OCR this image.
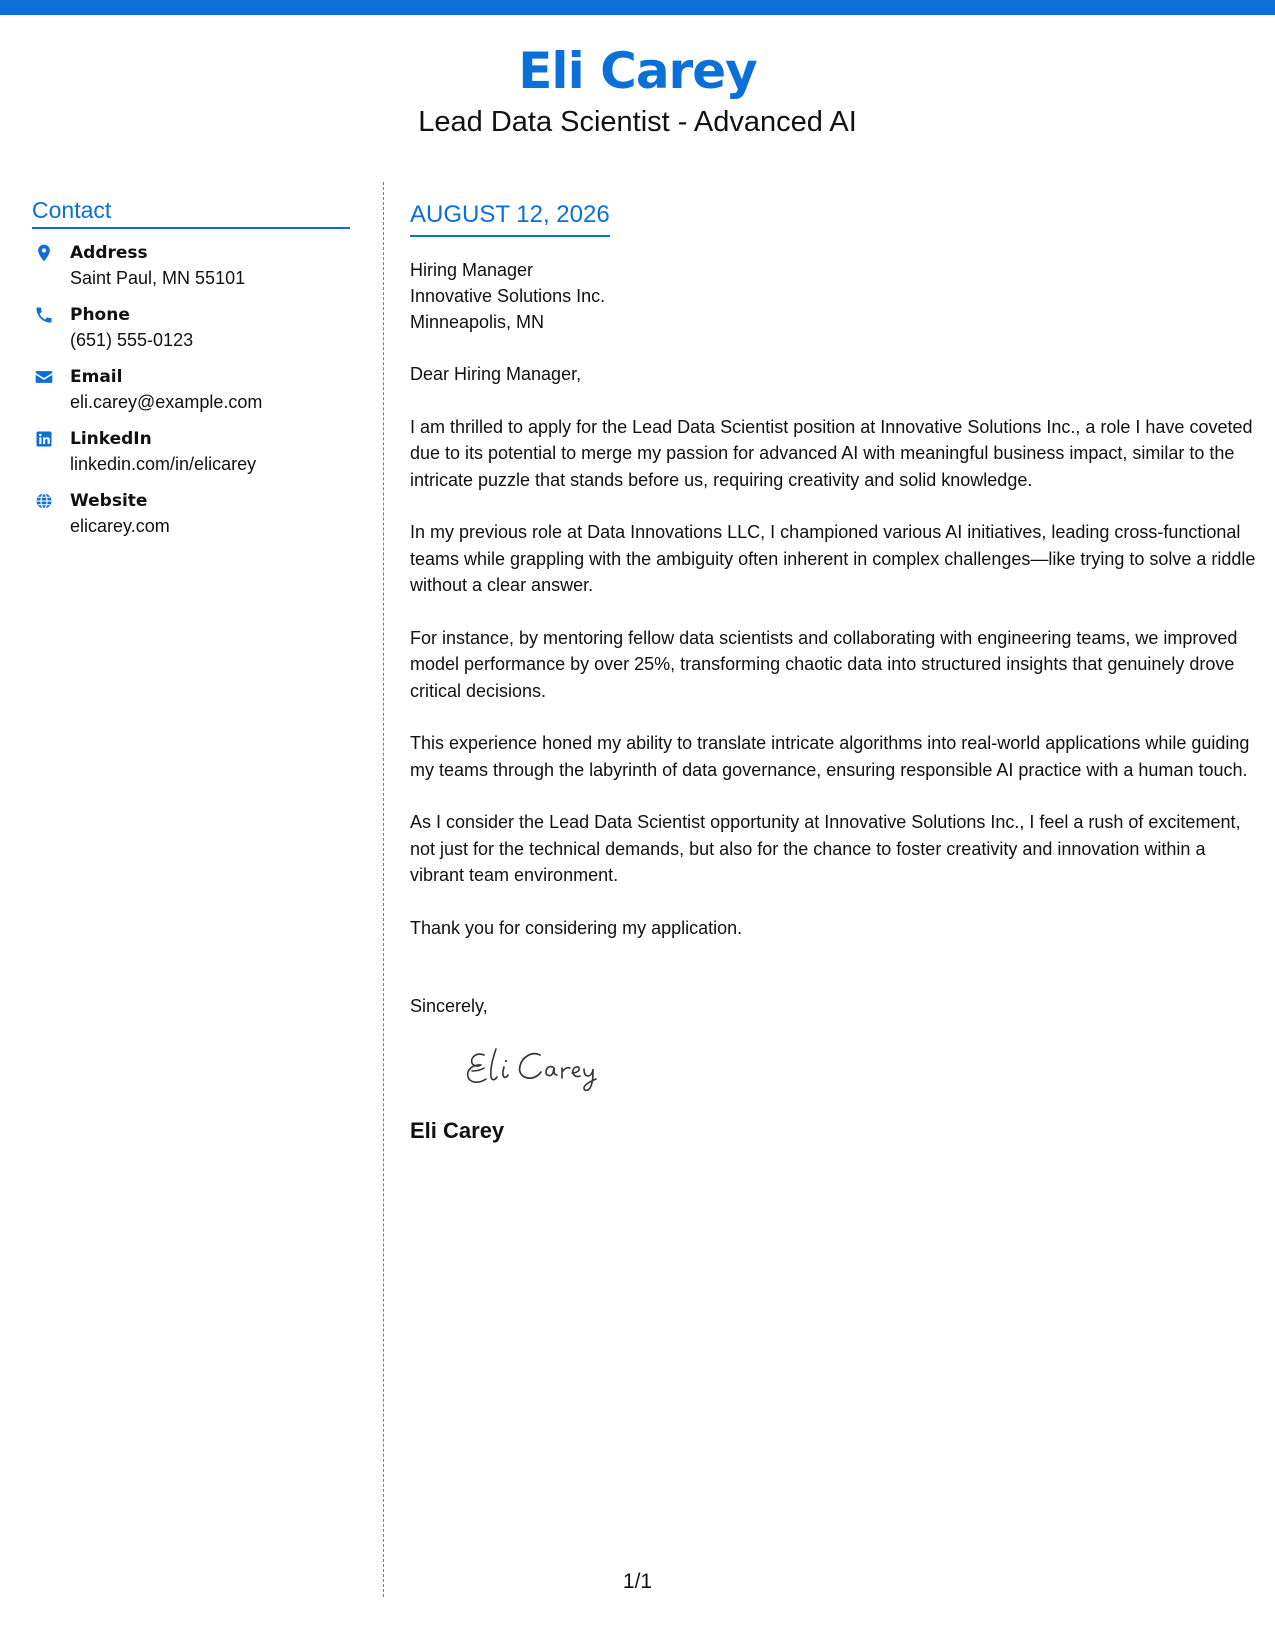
Eli Carey
Lead Data Scientist - Advanced AI
Contact
Address
Saint Paul, MN 55101
Phone
(651) 555-0123
Email
eli.carey@example.com
LinkedIn
linkedin.com/in/elicarey
Website
elicarey.com
AUGUST 12, 2026
Hiring Manager
Innovative Solutions Inc.
Minneapolis, MN

Dear Hiring Manager,

I am thrilled to apply for the Lead Data Scientist position at Innovative Solutions Inc., a role I have coveted due to its potential to merge my passion for advanced AI with meaningful business impact, similar to the intricate puzzle that stands before us, requiring creativity and solid knowledge.

In my previous role at Data Innovations LLC, I championed various AI initiatives, leading cross-functional teams while grappling with the ambiguity often inherent in complex challenges—like trying to solve a riddle without a clear answer.

For instance, by mentoring fellow data scientists and collaborating with engineering teams, we improved model performance by over 25%, transforming chaotic data into structured insights that genuinely drove critical decisions.

This experience honed my ability to translate intricate algorithms into real-world applications while guiding my teams through the labyrinth of data governance, ensuring responsible AI practice with a human touch.

As I consider the Lead Data Scientist opportunity at Innovative Solutions Inc., I feel a rush of excitement, not just for the technical demands, but also for the chance to foster creativity and innovation within a vibrant team environment.

Thank you for considering my application.

Sincerely,
Eli Carey
1/1
